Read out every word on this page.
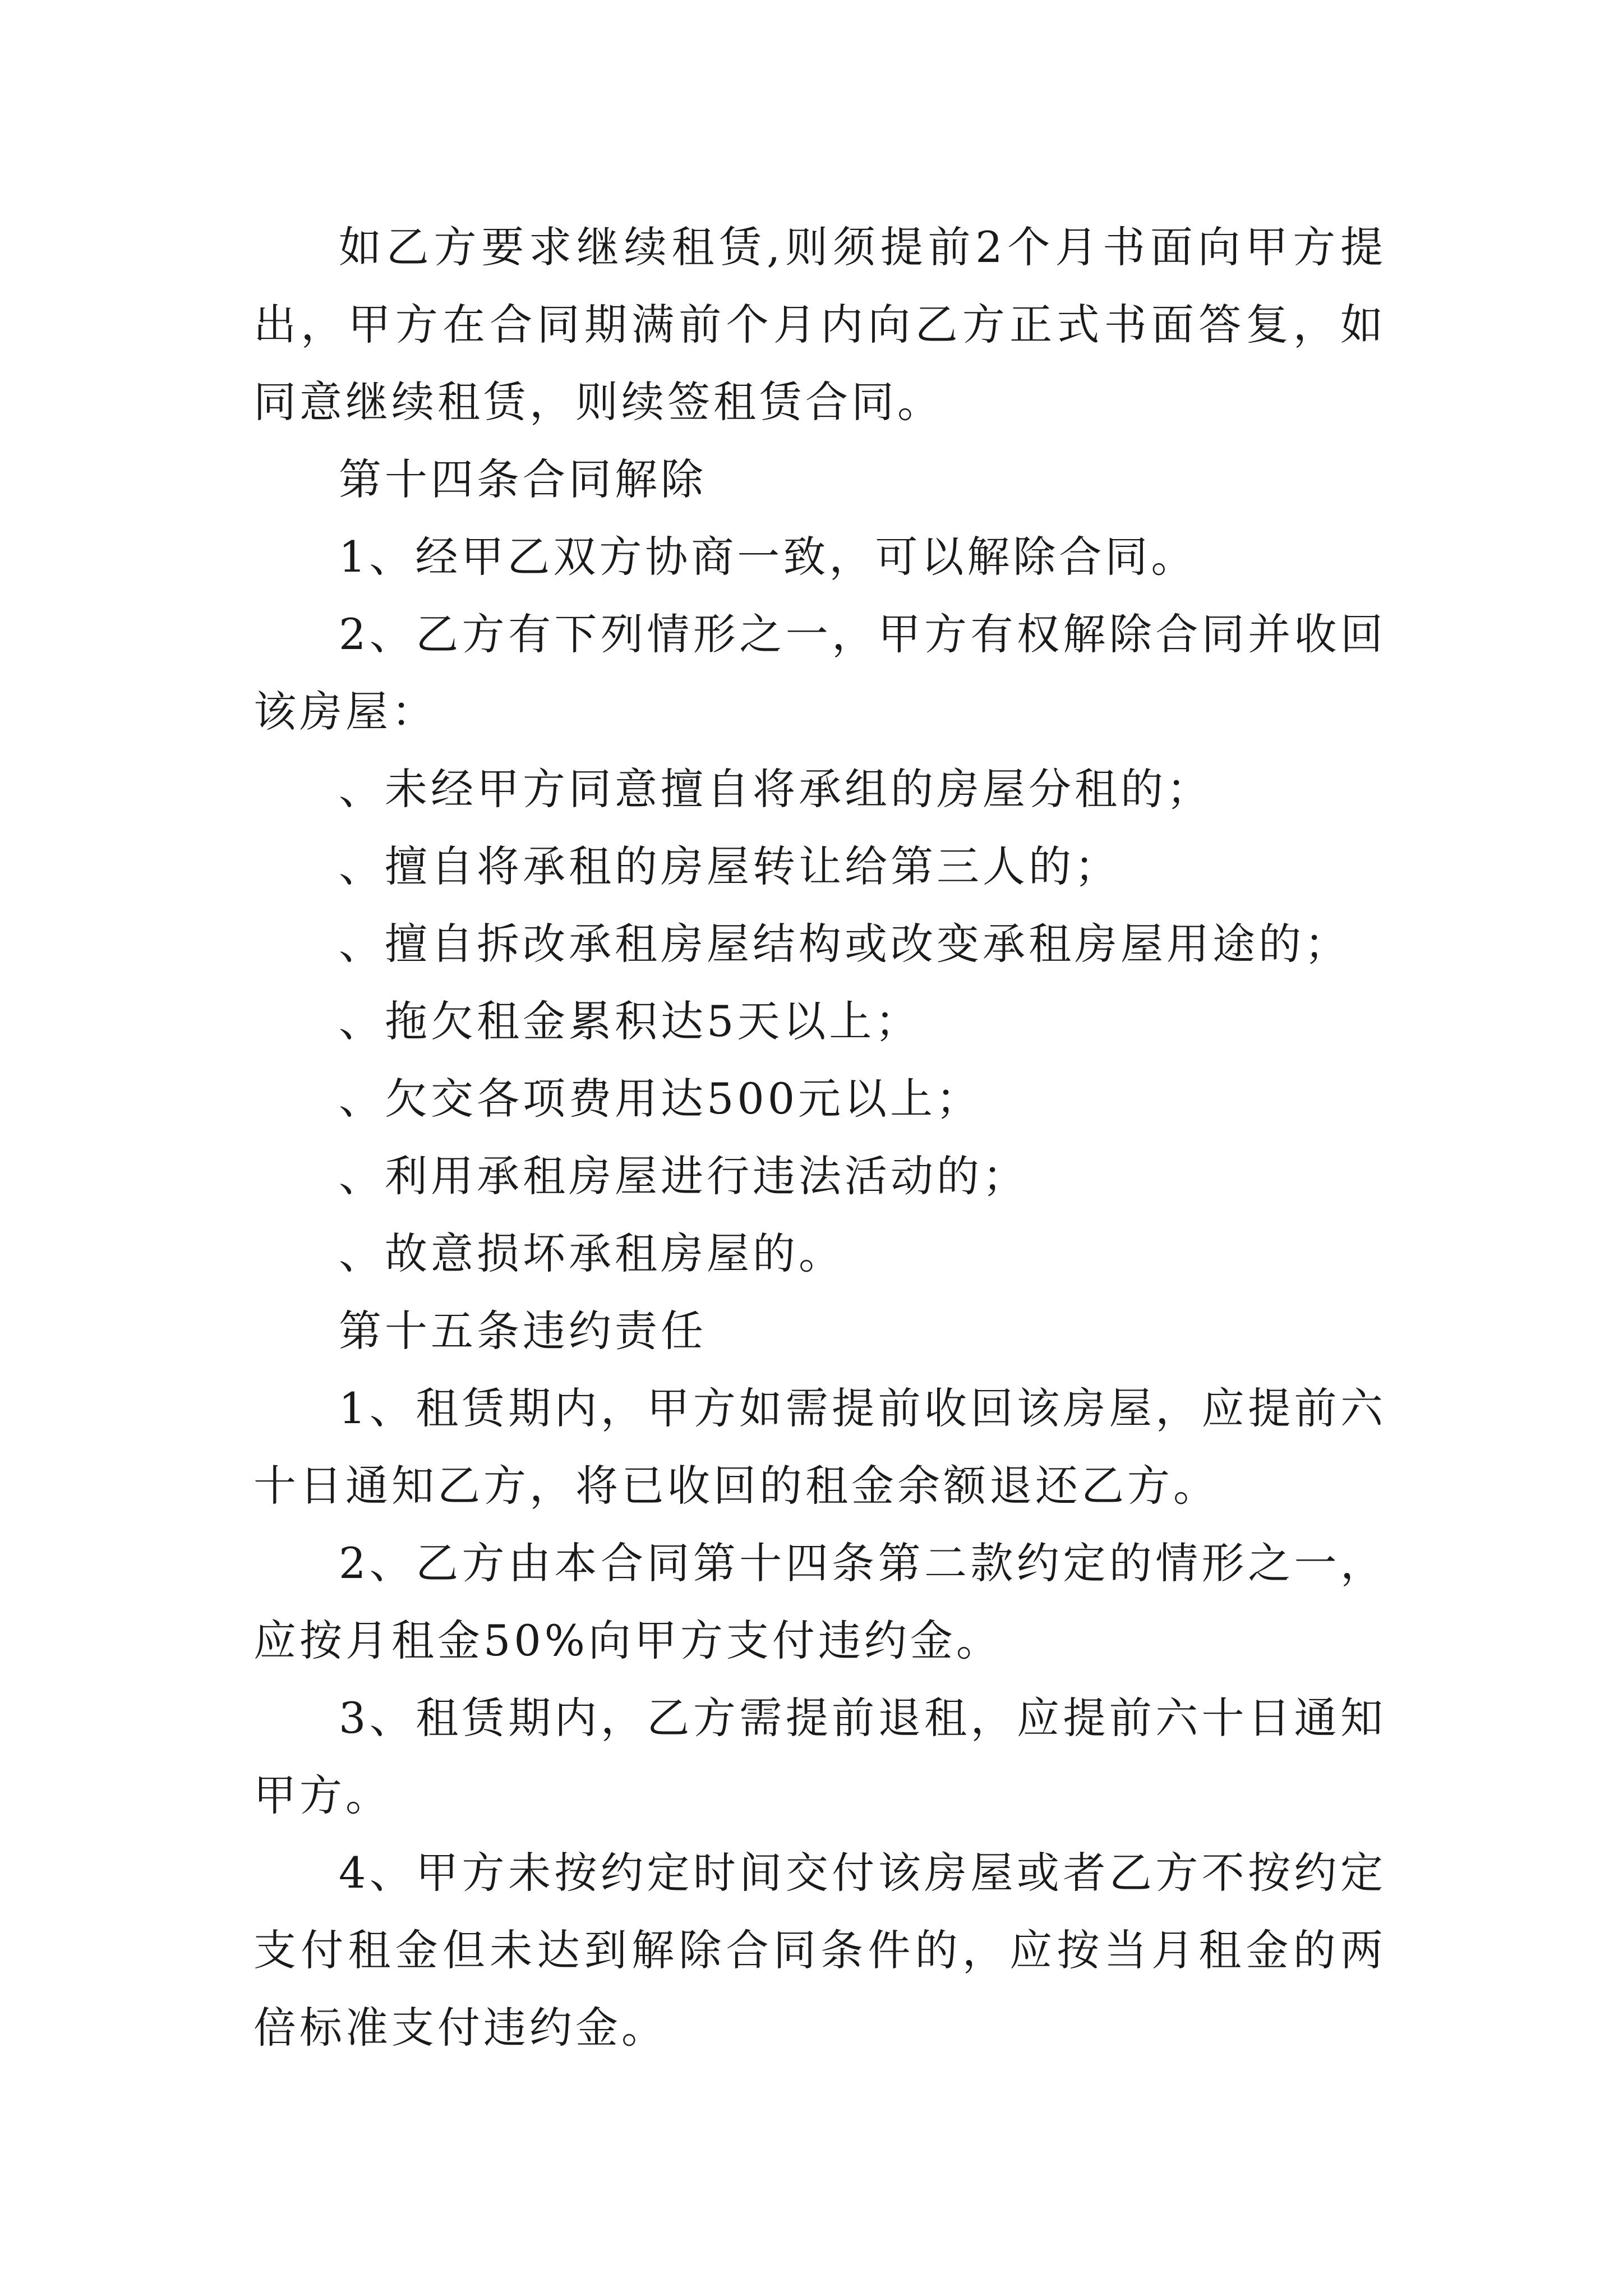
如乙方要求继续租赁,则须提前2个月书面向甲方提出，甲方在合同期满前个月内向乙方正式书面答复，如同意继续租赁，则续签租赁合同。

第十四条合同解除

1、经甲乙双方协商一致，可以解除合同。

2、乙方有下列情形之一，甲方有权解除合同并收回该房屋：

、未经甲方同意擅自将承组的房屋分租的；

、擅自将承租的房屋转让给第三人的；

、擅自拆改承租房屋结构或改变承租房屋用途的；

、拖欠租金累积达5天以上；

、欠交各项费用达500元以上；

、利用承租房屋进行违法活动的；

、故意损坏承租房屋的。

第十五条违约责任

1、租赁期内，甲方如需提前收回该房屋，应提前六十日通知乙方，将已收回的租金余额退还乙方。

2、乙方由本合同第十四条第二款约定的情形之一，应按月租金50%向甲方支付违约金。

3、租赁期内，乙方需提前退租，应提前六十日通知甲方。

4、甲方未按约定时间交付该房屋或者乙方不按约定支付租金但未达到解除合同条件的，应按当月租金的两倍标准支付违约金。
